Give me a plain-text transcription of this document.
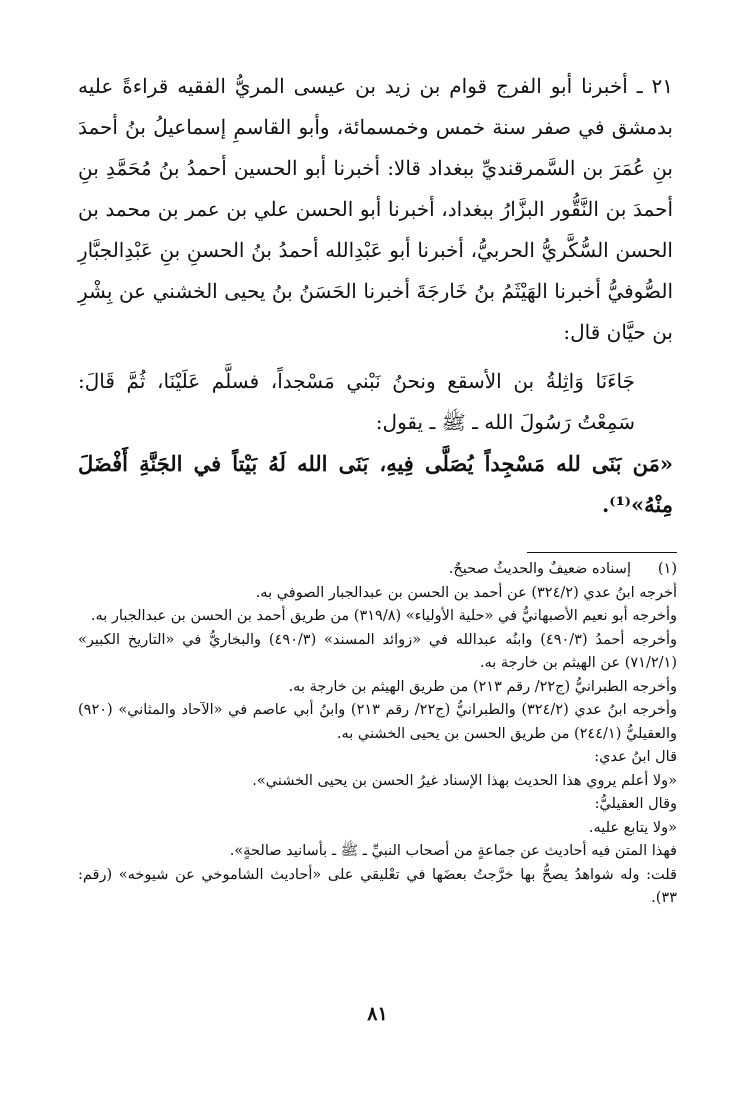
٢١ ـ أخبرنا أبو الفرج قوام بن زيد بن عيسى المريُّ الفقيه قراءةً عليه بدمشق في صفر سنة خمس وخمسمائة، وأبو القاسمِ إسماعيلُ بنُ أحمدَ بنِ عُمَرَ بن السَّمرقنديِّ ببغداد قالا: أخبرنا أبو الحسين أحمدُ بنُ مُحَمَّدِ بنِ أحمدَ بن النَّقُّور البزَّارُ ببغداد، أخبرنا أبو الحسن علي بن عمر بن محمد بن الحسن السُّكَّريُّ الحربيُّ، أخبرنا أبو عَبْدِالله أحمدُ بنُ الحسنِ بنِ عَبْدِالجبَّارِ الصُّوفيُّ أخبرنا الهَيْثَمُ بنُ خَارجَةَ أخبرنا الحَسَنُ بنُ يحيى الخشني عن بِشْرِ بن حيَّان قال:

جَاءَنَا وَاثِلةُ بن الأسقع ونحنُ نَبْني مَسْجداً، فسلَّم عَلَيْنَا، ثُمَّ قَالَ: سَمِعْتُ رَسُولَ الله ـ ﷺ ـ يقول:

«مَن بَنَى لله مَسْجِداً يُصَلَّى فِيهِ، بَنَى الله لَهُ بَيْتاً في الجَنَّةِ أَفْضَلَ مِنْهُ»⁽¹⁾.

(١)
إسناده ضعيفٌ والحديثُ صحيحٌ.

أخرجه ابنُ عدي (٣٢٤/٢) عن أحمد بن الحسن بن عبدالجبار الصوفي به.

وأخرجه أبو نعيم الأصبهانيُّ في «حلية الأولياء» (٣١٩/٨) من طريق أحمد بن الحسن بن عبدالجبار به.

وأخرجه أحمدُ (٤٩٠/٣) وابنُه عبدالله في «زوائد المسند» (٤٩٠/٣) والبخاريُّ في «التاريخ الكبير» (٧١/٢/١) عن الهيثم بن خارجة به.

وأخرجه الطبرانيُّ (ج٢٢/ رقم ٢١٣) من طريق الهيثم بن خارجة به.

وأخرجه ابنُ عدي (٣٢٤/٢) والطبرانيُّ (ج٢٢/ رقم ٢١٣) وابنُ أبي عاصم في «الآحاد والمثاني» (٩٢٠) والعقيليُّ (٢٤٤/١) من طريق الحسن بن يحيى الخشني به.

قال ابنُ عدي:

«ولا أعلم يروي هذا الحديث بهذا الإسناد غيرُ الحسن بن يحيى الخشني».

وقال العقيليُّ:

«ولا يتابع عليه.

فهذا المتن فيه أحاديث عن جماعةٍ من أصحاب النبيِّ ـ ﷺ ـ بأسانيد صالحةٍ».

قلت: وله شواهدُ يصحُّ بها خرَّجتُ بعضَها في تعْليقي على «أحاديث الشاموخي عن شيوخه» (رقم: ٣٣).

٨١
